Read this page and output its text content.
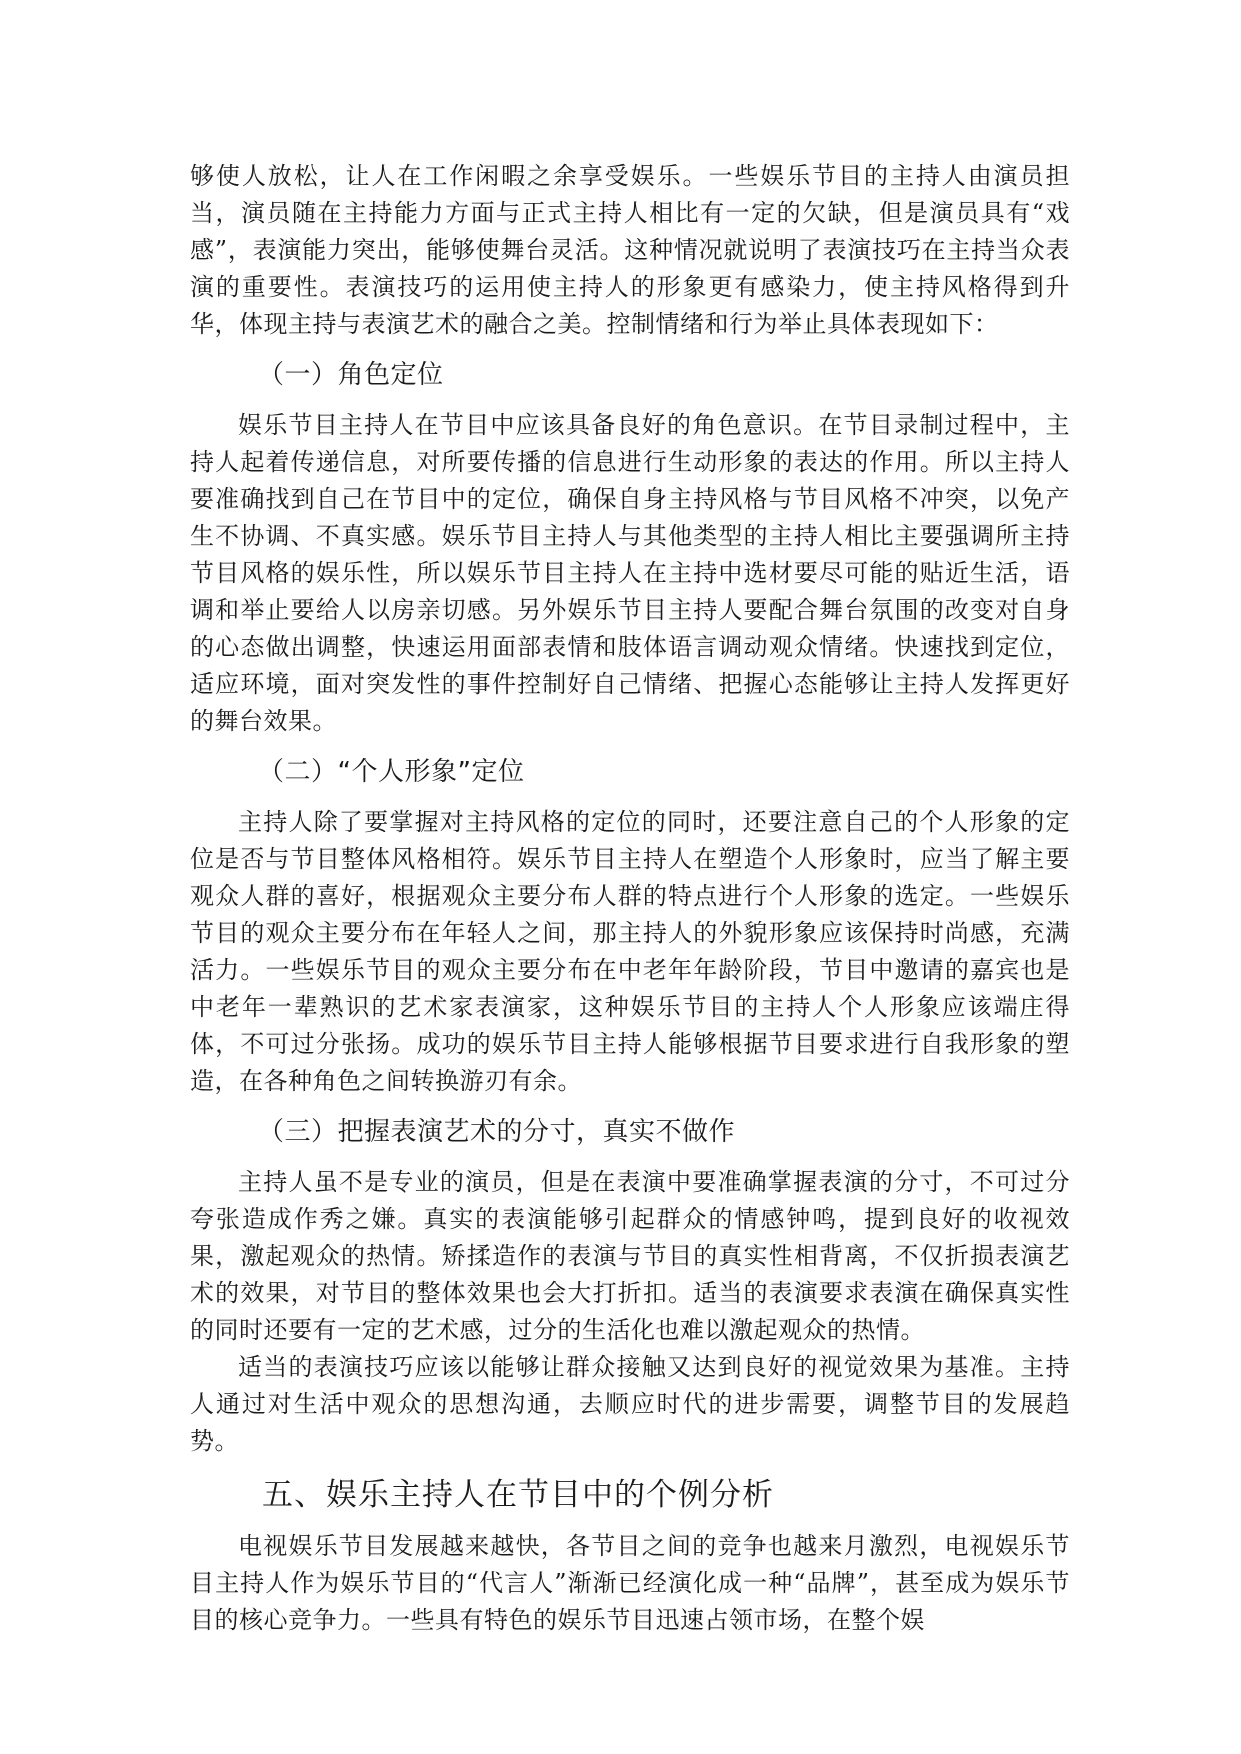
够使人放松，让人在工作闲暇之余享受娱乐。一些娱乐节目的主持人由演员担当，演员随在主持能力方面与正式主持人相比有一定的欠缺，但是演员具有“戏感”，表演能力突出，能够使舞台灵活。这种情况就说明了表演技巧在主持当众表演的重要性。表演技巧的运用使主持人的形象更有感染力，使主持风格得到升华，体现主持与表演艺术的融合之美。控制情绪和行为举止具体表现如下：

（一）角色定位

娱乐节目主持人在节目中应该具备良好的角色意识。在节目录制过程中，主持人起着传递信息，对所要传播的信息进行生动形象的表达的作用。所以主持人要准确找到自己在节目中的定位，确保自身主持风格与节目风格不冲突，以免产生不协调、不真实感。娱乐节目主持人与其他类型的主持人相比主要强调所主持节目风格的娱乐性，所以娱乐节目主持人在主持中选材要尽可能的贴近生活，语调和举止要给人以房亲切感。另外娱乐节目主持人要配合舞台氛围的改变对自身的心态做出调整，快速运用面部表情和肢体语言调动观众情绪。快速找到定位，适应环境，面对突发性的事件控制好自己情绪、把握心态能够让主持人发挥更好的舞台效果。

（二）“个人形象”定位

主持人除了要掌握对主持风格的定位的同时，还要注意自己的个人形象的定位是否与节目整体风格相符。娱乐节目主持人在塑造个人形象时，应当了解主要观众人群的喜好，根据观众主要分布人群的特点进行个人形象的选定。一些娱乐节目的观众主要分布在年轻人之间，那主持人的外貌形象应该保持时尚感，充满活力。一些娱乐节目的观众主要分布在中老年年龄阶段，节目中邀请的嘉宾也是中老年一辈熟识的艺术家表演家，这种娱乐节目的主持人个人形象应该端庄得体，不可过分张扬。成功的娱乐节目主持人能够根据节目要求进行自我形象的塑造，在各种角色之间转换游刃有余。

（三）把握表演艺术的分寸，真实不做作

主持人虽不是专业的演员，但是在表演中要准确掌握表演的分寸，不可过分夸张造成作秀之嫌。真实的表演能够引起群众的情感钟鸣，提到良好的收视效果，激起观众的热情。矫揉造作的表演与节目的真实性相背离，不仅折损表演艺术的效果，对节目的整体效果也会大打折扣。适当的表演要求表演在确保真实性的同时还要有一定的艺术感，过分的生活化也难以激起观众的热情。

适当的表演技巧应该以能够让群众接触又达到良好的视觉效果为基准。主持人通过对生活中观众的思想沟通，去顺应时代的进步需要，调整节目的发展趋势。

五、娱乐主持人在节目中的个例分析

电视娱乐节目发展越来越快，各节目之间的竞争也越来月激烈，电视娱乐节目主持人作为娱乐节目的“代言人”渐渐已经演化成一种“品牌”，甚至成为娱乐节目的核心竞争力。一些具有特色的娱乐节目迅速占领市场，在整个娱
